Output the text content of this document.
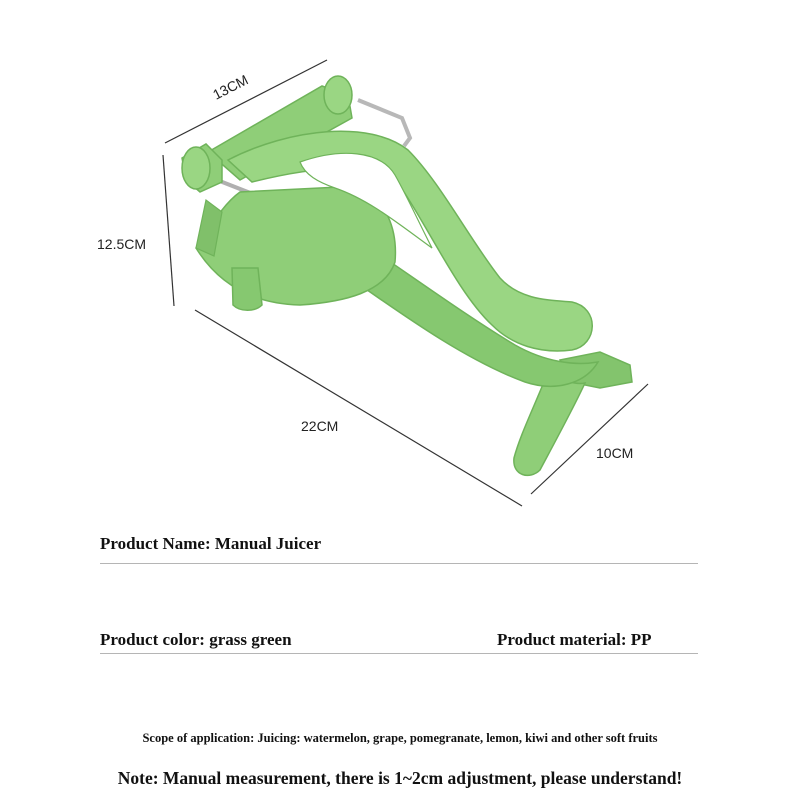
13CM
12.5CM
22CM
10CM
Product Name: Manual Juicer
Product color: grass green	Product material: PP
Scope of application: Juicing: watermelon, grape, pomegranate, lemon, kiwi and other soft fruits
Note: Manual measurement, there is 1~2cm adjustment, please understand!
